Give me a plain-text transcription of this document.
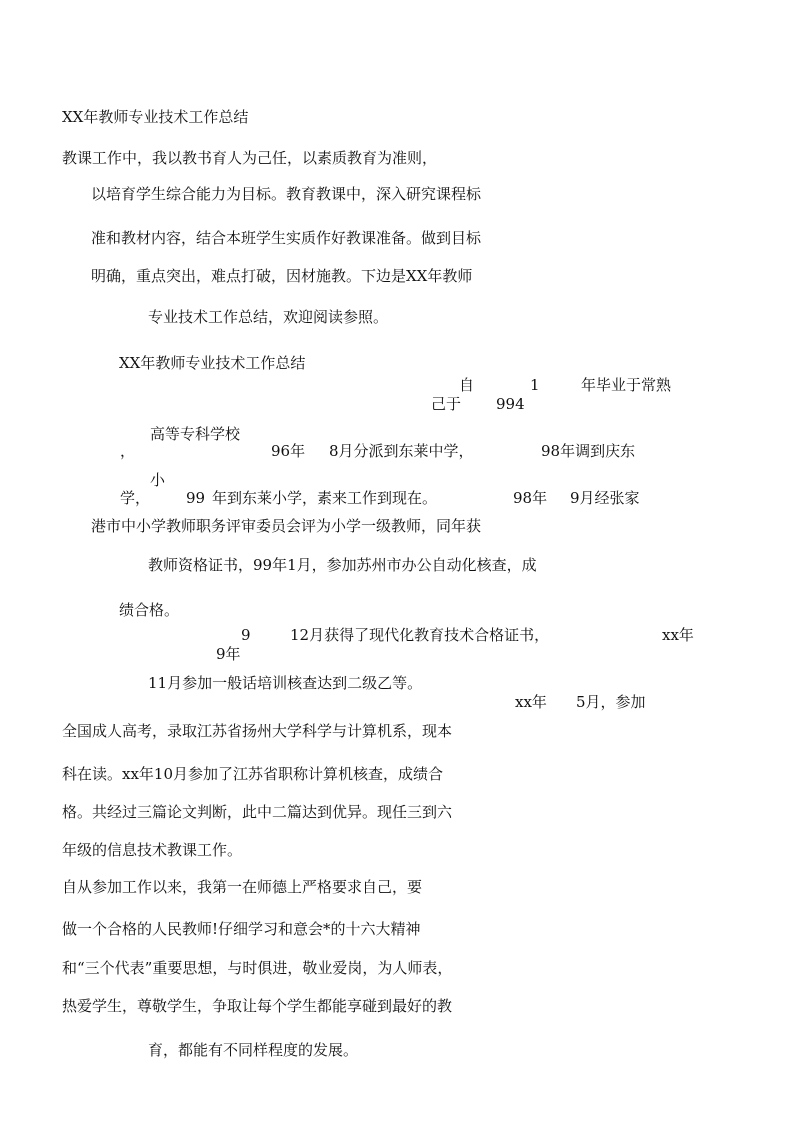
XX年教师专业技术工作总结
教课工作中，我以教书育人为己任，以素质教育为准则，
以培育学生综合能力为目标。教育教课中，深入研究课程标
准和教材内容，结合本班学生实质作好教课准备。做到目标
明确，重点突出，难点打破，因材施教。下边是XX年教师
专业技术工作总结，欢迎阅读参照。
XX年教师专业技术工作总结
自	1	年毕业于常熟
己于 994
高等专科学校
，	96年 8月分派到东莱中学，	98年调到庆东
小
学， 99 年到东莱小学，素来工作到现在。	98年 9月经张家
港市中小学教师职务评审委员会评为小学一级教师，同年获
教师资格证书，99年1月，参加苏州市办公自动化核查，成
绩合格。
9	12月获得了现代化教育技术合格证书，	xx年
9年
11月参加一般话培训核查达到二级乙等。
xx年 5月，参加
全国成人高考，录取江苏省扬州大学科学与计算机系，现本
科在读。xx年10月参加了江苏省职称计算机核查，成绩合
格。共经过三篇论文判断，此中二篇达到优异。现任三到六
年级的信息技术教课工作。
自从参加工作以来，我第一在师德上严格要求自己，要
做一个合格的人民教师!仔细学习和意会*的十六大精神
和“三个代表”重要思想，与时俱进，敬业爱岗，为人师表，
热爱学生，尊敬学生，争取让每个学生都能享碰到最好的教
育，都能有不同样程度的发展。
